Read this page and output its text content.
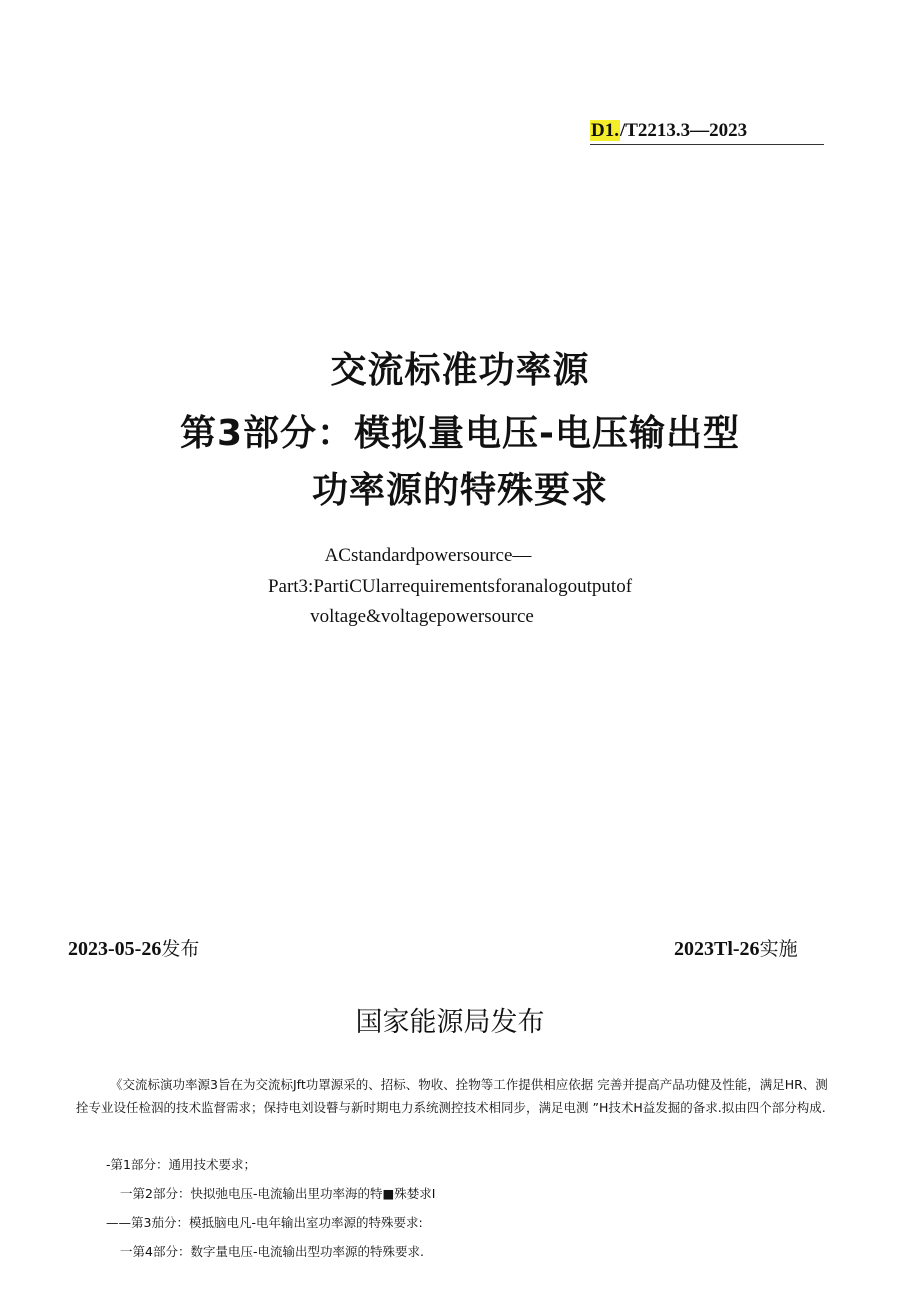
D1./T2213.3—2023
交流标准功率源
第3部分：模拟量电压-电压输出型
功率源的特殊要求
ACstandardpowersource—
Part3:PartiCUlarrequirementsforanalogoutputof
voltage&voltagepowersource
2023-05-26发布	2023Tl-26实施
国家能源局发布

《交流标演功率源3旨在为交流标Jft功罩源采的、招标、物收、拴物等工作提供相应依据 完善并提高产品功健及性能，满足HR、测拴专业设任检泅的技术监督需求；保持电刘设瞽与新时期电力系统测控技术相同步，满足电测 ”H技术H益发掘的备求.拟由四个部分构成.

-第1部分：通用技术要求；
一第2部分：快拟弛电压-电流输出里功率海的特■殊婪求I
——第3茄分：模抵脑电凡-电年输出室功率源的特殊要求:
一第4部分：数字量电压-电流输出型功率源的特殊要求.
